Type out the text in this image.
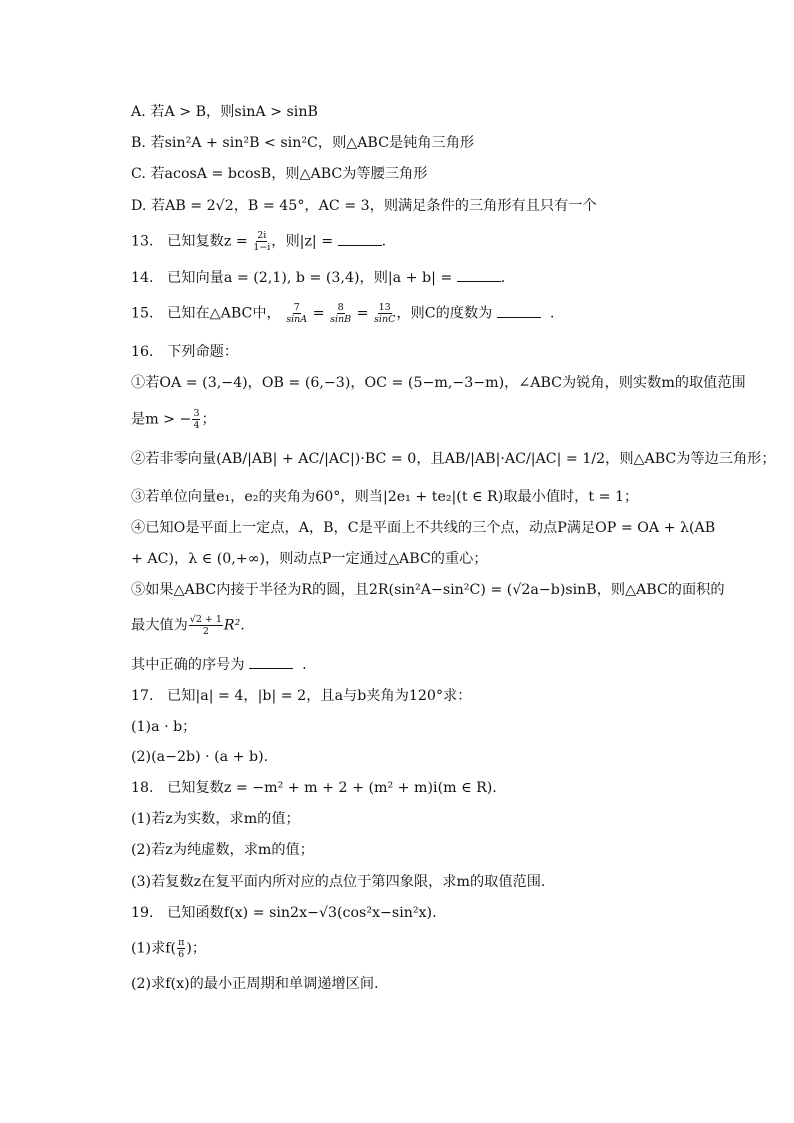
A. 若A > B，则sinA > sinB
B. 若sin²A + sin²B < sin²C，则△ABC是钝角三角形
C. 若acosA = bcosB，则△ABC为等腰三角形
D. 若AB = 2√2，B = 45°，AC = 3，则满足条件的三角形有且只有一个
13. 已知复数$z = \frac{2i}{1-i}$ ，则|z| =	.
14. 已知向量a = (2,1), b = (3,4)，则|a + b| =	.
15. 已知在△ABC中， $\frac{7}{\sin A} = \frac{8}{\sin B} = \frac{13}{\sin C}$ ，则C的度数为	.
16. 下列命题：
①若OA = (3,−4)，OB = (6,−3)，OC = (5−m,−3−m)，∠ABC为锐角，则实数m的取值范围
是m > − $\frac{3}{4}$ ；
②若非零向量(AB/|AB| + AC/|AC|)·BC = 0，且AB/|AB|·AC/|AC| = 1/2，则△ABC为等边三角形；
③若单位向量e₁，e₂的夹角为60°，则当|2e₁ + te₂|(t ∈ R)取最小值时，t = 1；
④已知O是平面上一定点，A，B，C是平面上不共线的三个点，动点P满足OP = OA + λ(AB
+ AC)，λ ∈ (0,+∞)，则动点P一定通过△ABC的重心；
⑤如果△ABC内接于半径为R的圆，且2R(sin²A−sin²C) = (√2a−b)sinB，则△ABC的面积的
最大值为 $\frac{√2 + 1}{2} R^2$.
其中正确的序号为	.
17. 已知|a| = 4，|b| = 2，且a与b夹角为120°求：
(1)a · b；
(2)(a−2b) · (a + b).
18. 已知复数z = −m² + m + 2 + (m² + m)i(m ∈ R).
(1)若z为实数，求m的值；
(2)若z为纯虚数，求m的值；
(3)若复数z在复平面内所对应的点位于第四象限，求m的取值范围.
19. 已知函数f(x) = sin2x−√3(cos²x−sin²x).
(1)求$f( \frac{\pi}{6}$ )；
(2)求f(x)的最小正周期和单调递增区间.
